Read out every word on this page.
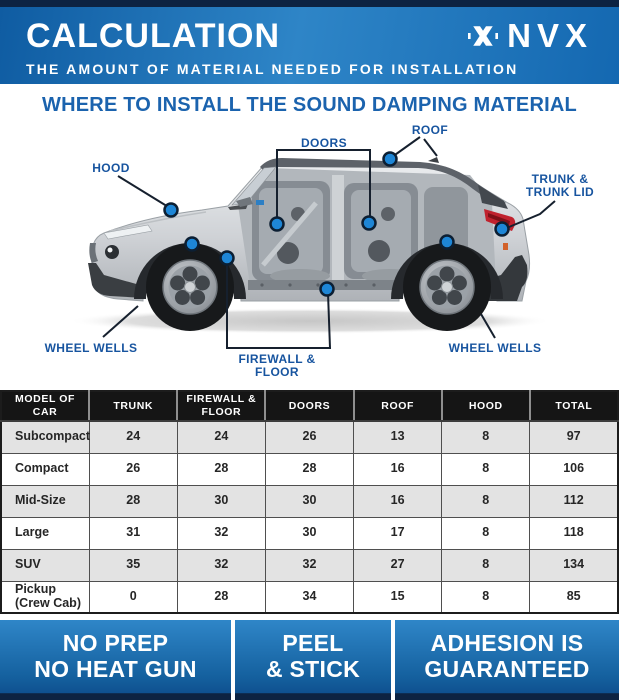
CALCULATION	NVX
THE AMOUNT OF MATERIAL NEEDED FOR INSTALLATION
WHERE TO INSTALL THE SOUND DAMPING MATERIAL
HOOD
DOORS
ROOF
TRUNK &
TRUNK LID
WHEEL WELLS
FIREWALL &
FLOOR
WHEEL WELLS
MODEL OF CAR	TRUNK	FIREWALL & FLOOR	DOORS	ROOF	HOOD	TOTAL
Subcompact	24	24	26	13	8	97
Compact	26	28	28	16	8	106
Mid-Size	28	30	30	16	8	112
Large	31	32	30	17	8	118
SUV	35	32	32	27	8	134
Pickup (Crew Cab)	0	28	34	15	8	85
NO PREP
NO HEAT GUN
PEEL
& STICK
ADHESION IS
GUARANTEED
